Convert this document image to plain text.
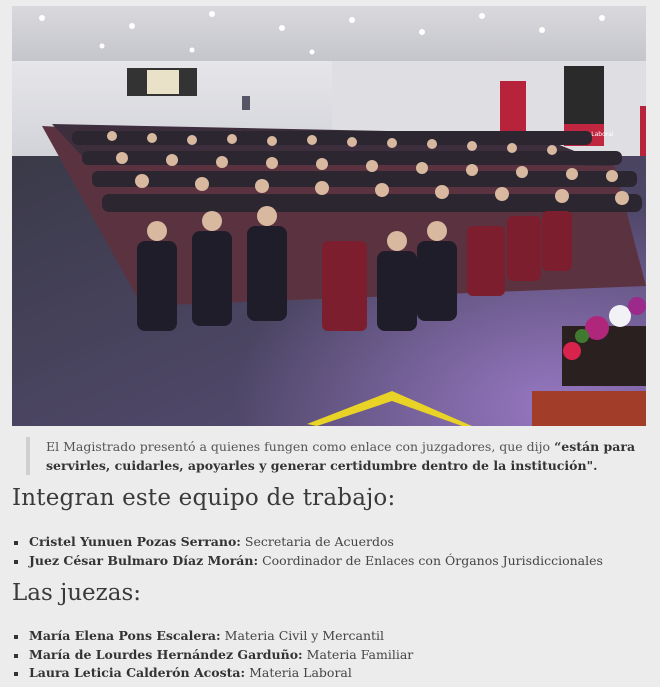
El Magistrado presentó a quienes fungen como enlace con juzgadores, que dijo “están para servirles, cuidarles, apoyarles y generar certidumbre dentro de la institución".
Integran este equipo de trabajo:
Cristel Yunuen Pozas Serrano: Secretaria de Acuerdos
Juez César Bulmaro Díaz Morán: Coordinador de Enlaces con Órganos Jurisdiccionales
Las juezas:
María Elena Pons Escalera: Materia Civil y Mercantil
María de Lourdes Hernández Garduño: Materia Familiar
Laura Leticia Calderón Acosta: Materia Laboral
